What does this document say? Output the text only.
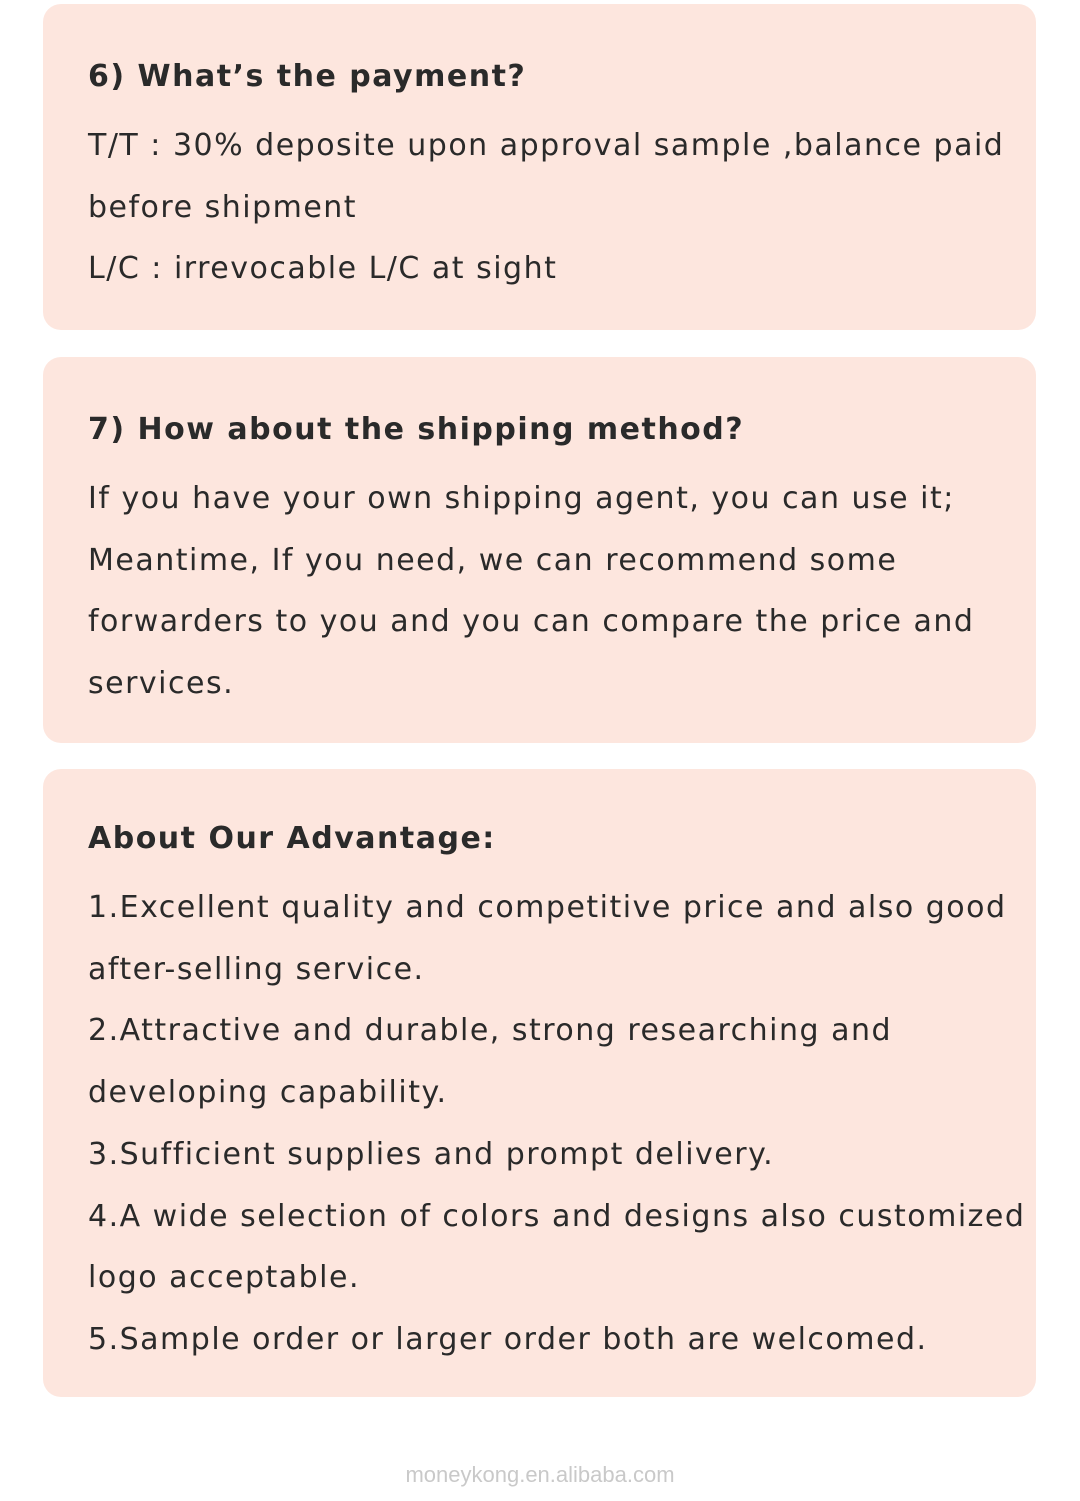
6) What’s the payment?
T/T : 30% deposite upon approval sample ,balance paid
before shipment
L/C : irrevocable L/C at sight
7) How about the shipping method?
If you have your own shipping agent, you can use it;
Meantime, If you need, we can recommend some
forwarders to you and you can compare the price and
services.
About Our Advantage:
1.Excellent quality and competitive price and also good
after-selling service.
2.Attractive and durable, strong researching and
developing capability.
3.Sufficient supplies and prompt delivery.
4.A wide selection of colors and designs also customized
logo acceptable.
5.Sample order or larger order both are welcomed.
moneykong.en.alibaba.com
